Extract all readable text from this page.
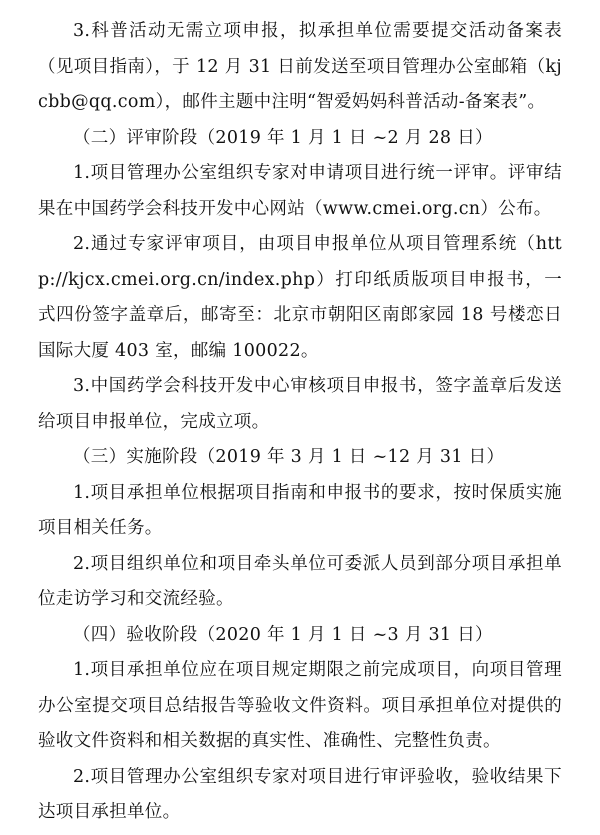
3.科普活动无需立项申报，拟承担单位需要提交活动备案表（见项目指南），于 12 月 31 日前发送至项目管理办公室邮箱（kjcbb@qq.com），邮件主题中注明“智爱妈妈科普活动-备案表”。

（二）评审阶段（2019 年 1 月 1 日 ~2 月 28 日）

1.项目管理办公室组织专家对申请项目进行统一评审。评审结果在中国药学会科技开发中心网站（www.cmei.org.cn）公布。

2.通过专家评审项目，由项目申报单位从项目管理系统（http://kjcx.cmei.org.cn/index.php）打印纸质版项目申报书，一式四份签字盖章后，邮寄至：北京市朝阳区南郎家园 18 号楼恋日国际大厦 403 室，邮编 100022。

3.中国药学会科技开发中心审核项目申报书，签字盖章后发送给项目申报单位，完成立项。

（三）实施阶段（2019 年 3 月 1 日 ~12 月 31 日）

1.项目承担单位根据项目指南和申报书的要求，按时保质实施项目相关任务。

2.项目组织单位和项目牵头单位可委派人员到部分项目承担单位走访学习和交流经验。

（四）验收阶段（2020 年 1 月 1 日 ~3 月 31 日）

1.项目承担单位应在项目规定期限之前完成项目，向项目管理办公室提交项目总结报告等验收文件资料。项目承担单位对提供的验收文件资料和相关数据的真实性、准确性、完整性负责。

2.项目管理办公室组织专家对项目进行审评验收，验收结果下达项目承担单位。
